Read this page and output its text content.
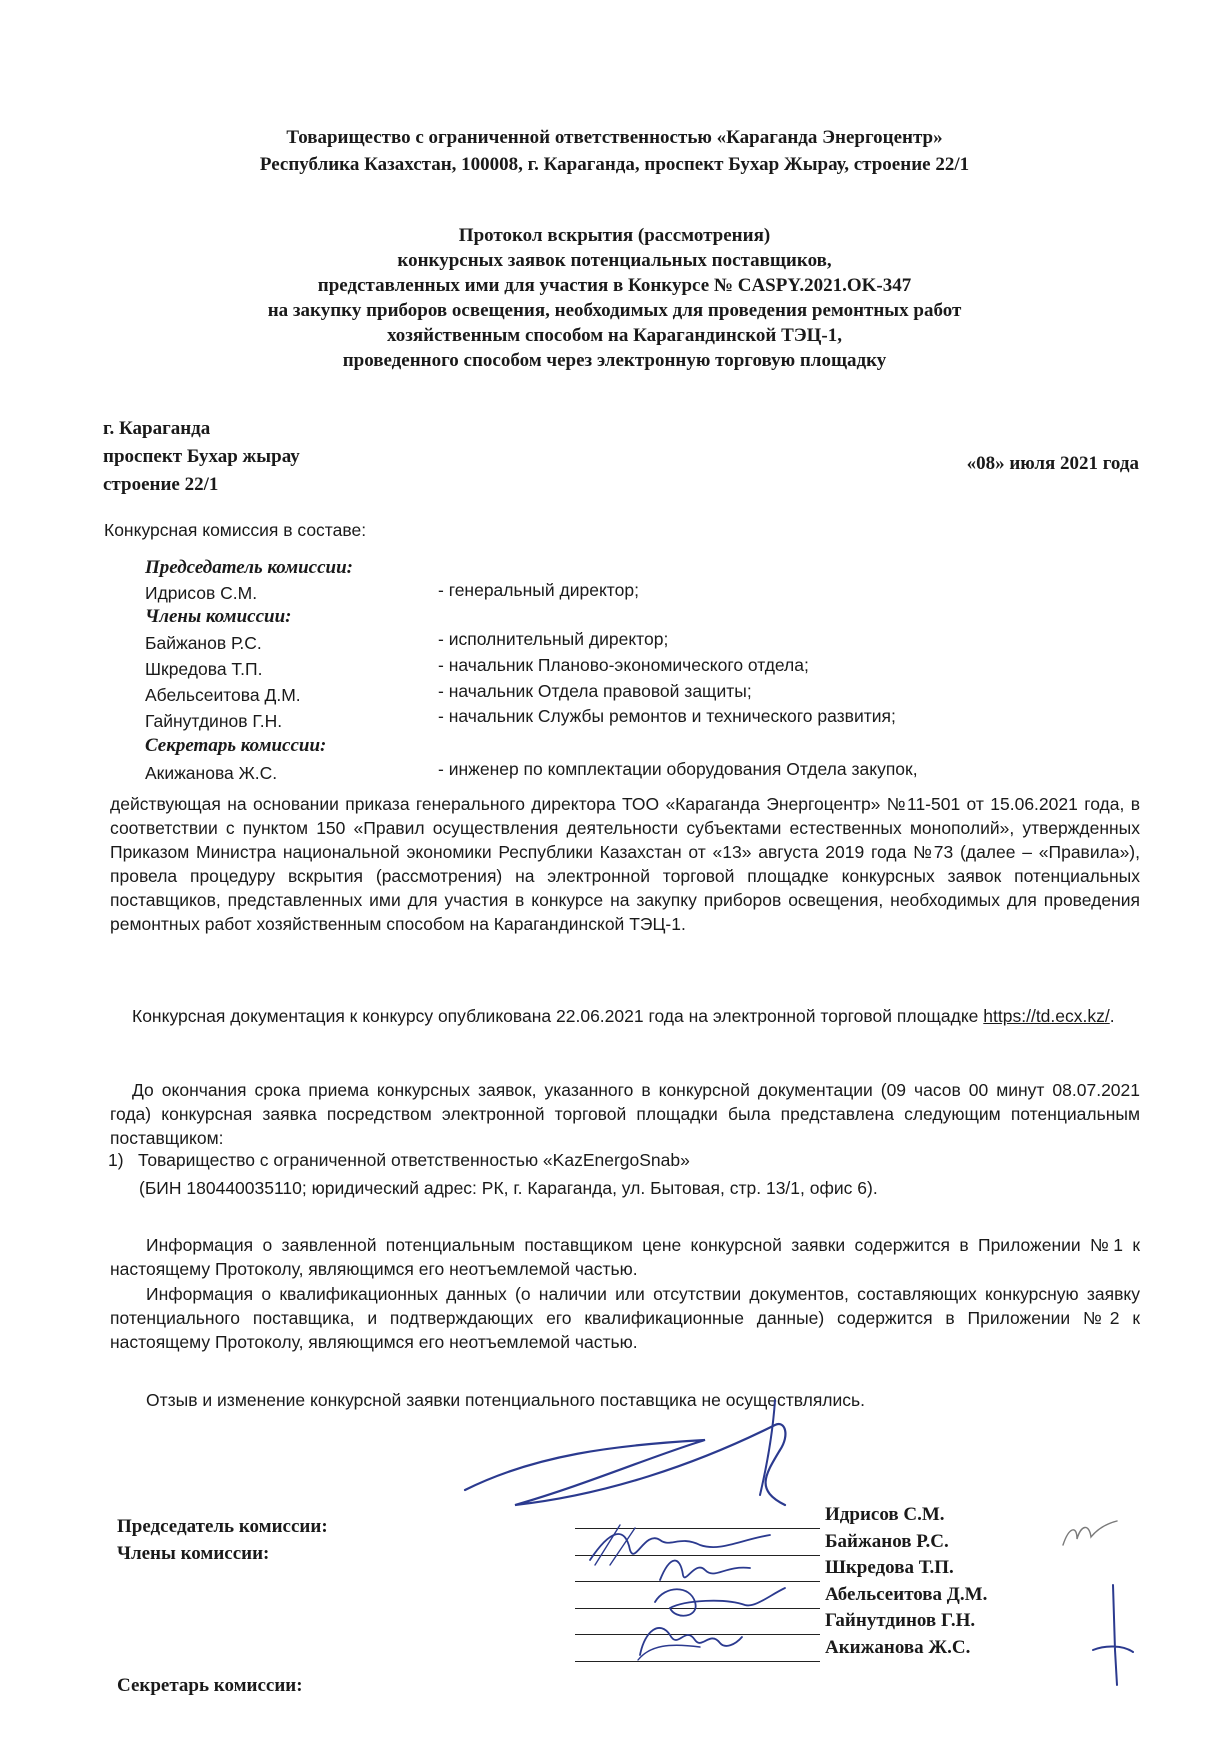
Товарищество с ограниченной ответственностью «Караганда Энергоцентр»
Республика Казахстан, 100008, г. Караганда, проспект Бухар Жырау, строение 22/1
Протокол вскрытия (рассмотрения)
конкурсных заявок потенциальных поставщиков,
представленных ими для участия в Конкурсе № CASPY.2021.OK-347
на закупку приборов освещения, необходимых для проведения ремонтных работ
хозяйственным способом на Карагандинской ТЭЦ-1,
проведенного способом через электронную торговую площадку
г. Караганда
проспект Бухар жырау
строение 22/1
«08» июля 2021 года
Конкурсная комиссия в составе:
Председатель комиссии:
Идрисов С.М.	- генеральный директор;
Члены комиссии:
Байжанов Р.С.	- исполнительный директор;
Шкредова Т.П.	- начальник Планово-экономического отдела;
Абельсеитова Д.М.	- начальник Отдела правовой защиты;
Гайнутдинов Г.Н.	- начальник Службы ремонтов и технического развития;
Секретарь комиссии:
Акижанова Ж.С.	- инженер по комплектации оборудования Отдела закупок,
действующая на основании приказа генерального директора ТОО «Караганда Энергоцентр» №11-501 от 15.06.2021 года, в соответствии с пунктом 150 «Правил осуществления деятельности субъектами естественных монополий», утвержденных Приказом Министра национальной экономики Республики Казахстан от «13» августа 2019 года №73 (далее – «Правила»), провела процедуру вскрытия (рассмотрения) на электронной торговой площадке конкурсных заявок потенциальных поставщиков, представленных ими для участия в конкурсе на закупку приборов освещения, необходимых для проведения ремонтных работ хозяйственным способом на Карагандинской ТЭЦ-1.
Конкурсная документация к конкурсу опубликована 22.06.2021 года на электронной торговой площадке https://td.ecx.kz/.
До окончания срока приема конкурсных заявок, указанного в конкурсной документации (09 часов 00 минут 08.07.2021 года) конкурсная заявка посредством электронной торговой площадки была представлена следующим потенциальным поставщиком:
1) Товарищество с ограниченной ответственностью «KazEnergoSnab»
(БИН 180440035110; юридический адрес: РК, г. Караганда, ул. Бытовая, стр. 13/1, офис 6).
Информация о заявленной потенциальным поставщиком цене конкурсной заявки содержится в Приложении №1 к настоящему Протоколу, являющимся его неотъемлемой частью.
Информация о квалификационных данных (о наличии или отсутствии документов, составляющих конкурсную заявку потенциального поставщика, и подтверждающих его квалификационные данные) содержится в Приложении №2 к настоящему Протоколу, являющимся его неотъемлемой частью.
Отзыв и изменение конкурсной заявки потенциального поставщика не осуществлялись.
Председатель комиссии:
Члены комиссии:
Секретарь комиссии:
Идрисов С.М.
Байжанов Р.С.
Шкредова Т.П.
Абельсеитова Д.М.
Гайнутдинов Г.Н.
Акижанова Ж.С.
